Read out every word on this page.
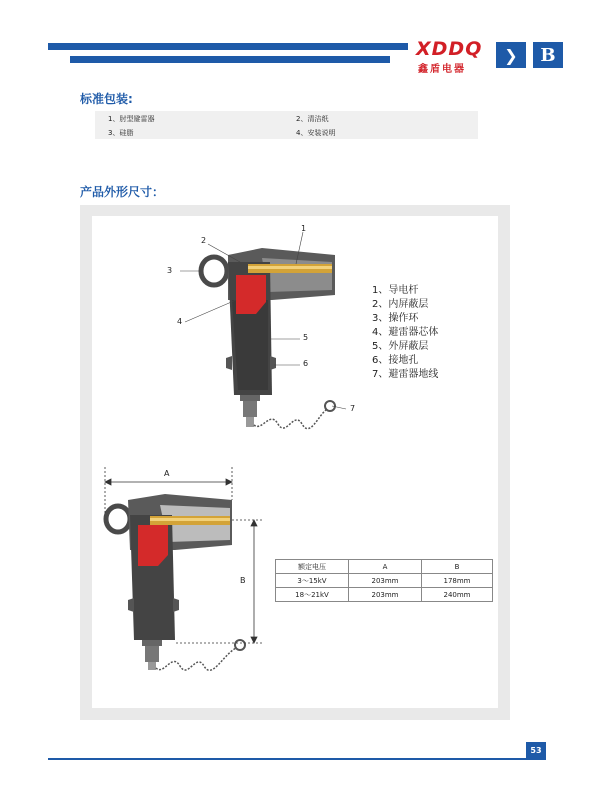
XDDQ
鑫盾电器
❯ B
标准包装:
1、肘型避雷器	2、清洁纸
3、硅脂	4、安装说明
产品外形尺寸：
1
2
3
4
5
6
7
1、导电杆
2、内屏蔽层
3、操作环
4、避雷器芯体
5、外屏蔽层
6、接地孔
7、避雷器地线
A
B
额定电压	A	B
3～15kV	203mm	178mm
18～21kV	203mm	240mm
53
